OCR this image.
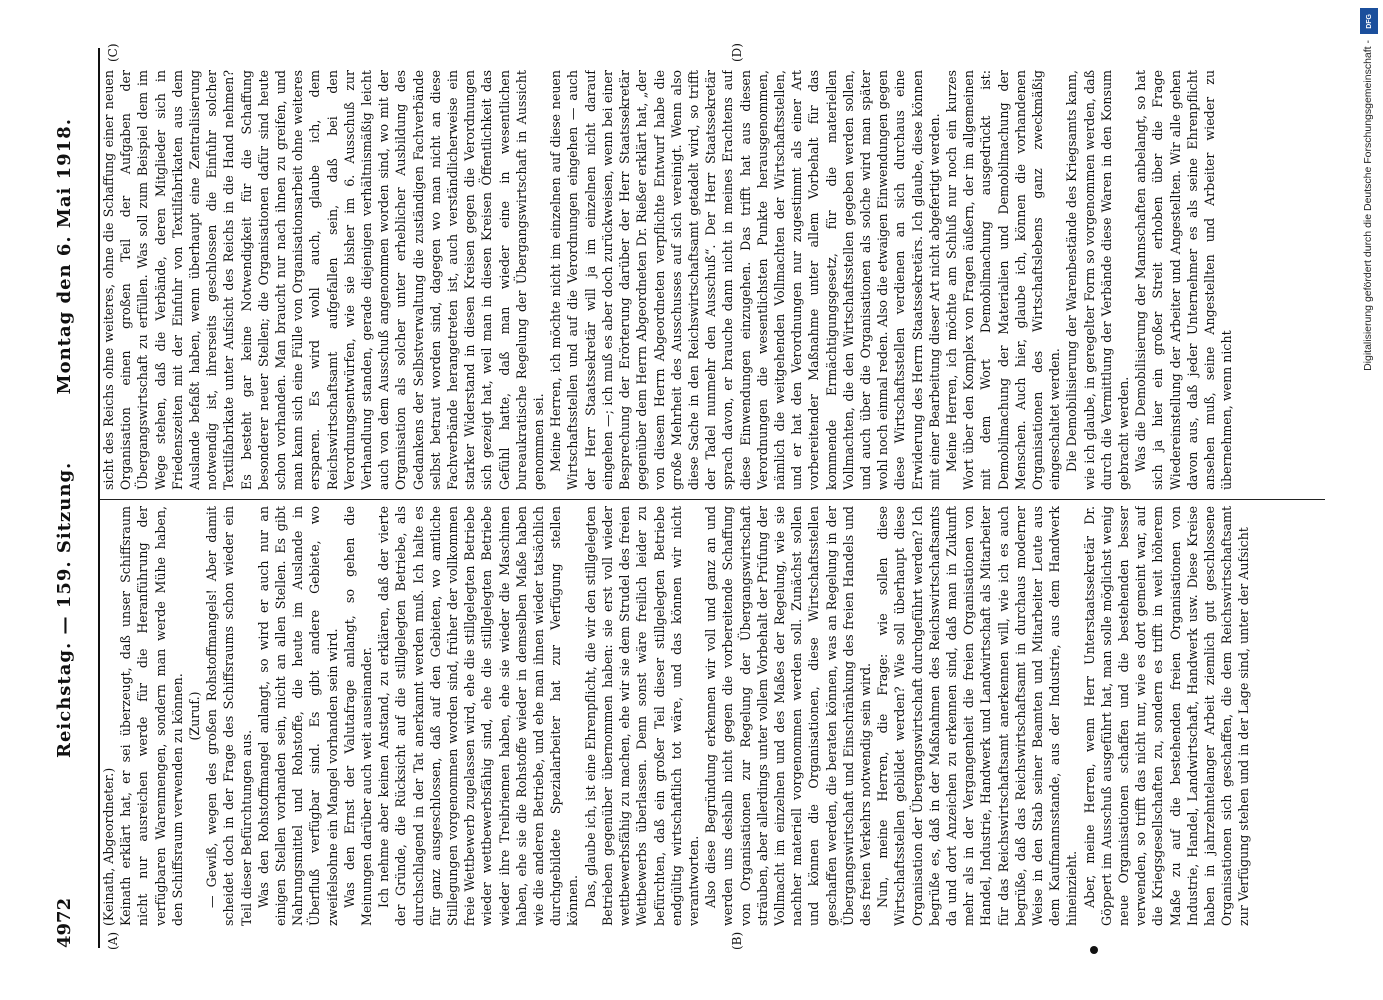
4972
Reichstag. — 159. Sitzung.
Montag den 6. Mai 1918.
(A)	(B)
(C)	(D)

(Keinath, Abgeordneter.) Keinath erklärt hat, er sei überzeugt, daß unser Schiffsraum nicht nur ausreichen werde für die Heranführung der verfügbaren Warenmengen, sondern man werde Mühe haben, den Schiffsraum verwenden zu können. (Zuruf.) — Gewiß, wegen des großen Rohstoffmangels! Aber damit scheidet doch in der Frage des Schiffsraums schon wieder ein Teil dieser Befürchtungen aus. Was den Rohstoffmangel anlangt, so wird er auch nur an einigen Stellen vorhanden sein, nicht an allen Stellen. Es gibt Nahrungsmittel und Rohstoffe, die heute im Auslande in Überfluß verfügbar sind. Es gibt andere Gebiete, wo zweifelsohne ein Mangel vorhanden sein wird. Was den Ernst der Valutafrage anlangt, so gehen die Meinungen darüber auch weit auseinander. Ich nehme aber keinen Anstand, zu erklären, daß der vierte der Gründe, die Rücksicht auf die stillgelegten Betriebe, als durchschlagend in der Tat anerkannt werden muß. Ich halte es für ganz ausgeschlossen, daß auf den Gebieten, wo amtliche Stillegungen vorgenommen worden sind, früher der vollkommen freie Wettbewerb zugelassen wird, ehe die stillgelegten Betriebe wieder wettbewerbsfähig sind, ehe die stillgelegten Betriebe wieder ihre Treibriemen haben, ehe sie wieder die Maschinen haben, ehe sie die Rohstoffe wieder in demselben Maße haben wie die anderen Betriebe, und ehe man ihnen wieder tatsächlich durchgebildete Spezialarbeiter hat zur Verfügung stellen können. Das, glaube ich, ist eine Ehrenpflicht, die wir den stillgelegten Betrieben gegenüber übernommen haben: sie erst voll wieder wettbewerbsfähig zu machen, ehe wir sie dem Strudel des freien Wettbewerbs überlassen. Denn sonst wäre freilich leider zu befürchten, daß ein großer Teil dieser stillgelegten Betriebe endgültig wirtschaftlich tot wäre, und das können wir nicht verantworten. Also diese Begründung erkennen wir voll und ganz an und werden uns deshalb nicht gegen die vorbereitende Schaffung von Organisationen zur Regelung der Übergangswirtschaft sträuben, aber allerdings unter vollem Vorbehalt der Prüfung der Vollmacht im einzelnen und des Maßes der Regelung, wie sie nachher materiell vorgenommen werden soll. Zunächst sollen und können die Organisationen, diese Wirtschaftsstellen geschaffen werden, die beraten können, was an Regelung in der Übergangswirtschaft und Einschränkung des freien Handels und des freien Verkehrs notwendig sein wird. Nun, meine Herren, die Frage: wie sollen diese Wirtschaftsstellen gebildet werden? Wie soll überhaupt diese Organisation der Übergangswirtschaft durchgeführt werden? Ich begrüße es, daß in der Maßnahmen des Reichswirtschaftsamts da und dort Anzeichen zu erkennen sind, daß man in Zukunft mehr als in der Vergangenheit die freien Organisationen von Handel, Industrie, Handwerk und Landwirtschaft als Mitarbeiter für das Reichswirtschaftsamt anerkennen will, wie ich es auch begrüße, daß das Reichswirtschaftsamt in durchaus moderner Weise in den Stab seiner Beamten und Mitarbeiter Leute aus dem Kaufmannsstande, aus der Industrie, aus dem Handwerk hineinzieht. Aber, meine Herren, wenn Herr Unterstaatssekretär Dr. Göppert im Ausschuß ausgeführt hat, man solle möglichst wenig neue Organisationen schaffen und die bestehenden besser verwenden, so trifft das nicht nur, wie es dort gemeint war, auf die Kriegsgesellschaften zu, sondern es trifft in weit höherem Maße zu auf die bestehenden freien Organisationen von Industrie, Handel, Landwirtschaft, Handwerk usw. Diese Kreise haben in jahrzehntelanger Arbeit ziemlich gut geschlossene Organisationen sich geschaffen, die dem Reichswirtschaftsamt zur Verfügung stehen und in der Lage sind, unter der Aufsicht

sicht des Reichs ohne weiteres, ohne die Schaffung einer neuen Organisation einen großen Teil der Aufgaben der Übergangswirtschaft zu erfüllen. Was soll zum Beispiel dem im Wege stehen, daß die Verbände, deren Mitglieder sich in Friedenszeiten mit der Einfuhr von Textilfabrikaten aus dem Auslande befaßt haben, wenn überhaupt eine Zentralisierung notwendig ist, ihrerseits geschlossen die Einfuhr solcher Textilfabrikate unter Aufsicht des Reichs in die Hand nehmen? Es besteht gar keine Notwendigkeit für die Schaffung besonderer neuer Stellen; die Organisationen dafür sind heute schon vorhanden. Man braucht nur nach ihnen zu greifen, und man kann sich eine Fülle von Organisationsarbeit ohne weiteres ersparen. Es wird wohl auch, glaube ich, dem Reichswirtschaftsamt aufgefallen sein, daß bei den Verordnungsentwürfen, wie sie bisher im 6. Ausschuß zur Verhandlung standen, gerade diejenigen verhältnismäßig leicht auch von dem Ausschuß angenommen worden sind, wo mit der Organisation als solcher unter erheblicher Ausbildung des Gedankens der Selbstverwaltung die zuständigen Fachverbände selbst betraut worden sind, dagegen wo man nicht an diese Fachverbände herangetreten ist, auch verständlicherweise ein starker Widerstand in diesen Kreisen gegen die Verordnungen sich gezeigt hat, weil man in diesen Kreisen Öffentlichkeit das Gefühl hatte, daß man wieder eine in wesentlichen bureaukratische Regelung der Übergangswirtschaft in Aussicht genommen sei. Meine Herren, ich möchte nicht im einzelnen auf diese neuen Wirtschaftsstellen und auf die Verordnungen eingehen — auch der Herr Staatssekretär will ja im einzelnen nicht darauf eingehen —; ich muß es aber doch zurückweisen, wenn bei einer Besprechung der Erörterung darüber der Herr Staatssekretär gegenüber dem Herrn Abgeordneten Dr. Rießer erklärt hat, „der von diesem Herrn Abgeordneten verpflichte Entwurf habe die große Mehrheit des Ausschusses auf sich vereinigt. Wenn also diese Sache in den Reichswirtschaftsamt getadelt wird, so trifft der Tadel nunmehr den Ausschuß“. Der Herr Staatssekretär sprach davon, er brauche dann nicht in meines Erachtens auf diese Einwendungen einzugehen. Das trifft hat aus diesen Verordnungen die wesentlichsten Punkte herausgenommen, nämlich die weitgehenden Vollmachten der Wirtschaftsstellen, und er hat den Verordnungen nur zugestimmt als einer Art vorbereitender Maßnahme unter allem Vorbehalt für das kommende Ermächtigungsgesetz, für die materiellen Vollmachten, die den Wirtschaftsstellen gegeben werden sollen, und auch über die Organisationen als solche wird man später wohl noch einmal reden. Also die etwaigen Einwendungen gegen diese Wirtschaftsstellen verdienen an sich durchaus eine Erwiderung des Herrn Staatssekretärs. Ich glaube, diese können mit einer Bearbeitung dieser Art nicht abgefertigt werden. Meine Herren, ich möchte am Schluß nur noch ein kurzes Wort über den Komplex von Fragen äußern, der im allgemeinen mit dem Wort Demobilmachung ausgedrückt ist: Demobilmachung der Materialien und Demobilmachung der Menschen. Auch hier, glaube ich, können die vorhandenen Organisationen des Wirtschaftslebens ganz zweckmäßig eingeschaltet werden. Die Demobilisierung der Warenbestände des Kriegsamts kann, wie ich glaube, in geregelter Form so vorgenommen werden, daß durch die Vermittlung der Verbände diese Waren in den Konsum gebracht werden. Was die Demobilisierung der Mannschaften anbelangt, so hat sich ja hier ein großer Streit erhoben über die Frage Wiedereinstellung der Arbeiter und Angestellten. Wir alle gehen davon aus, daß jeder Unternehmer es als seine Ehrenpflicht ansehen muß, seine Angestellten und Arbeiter wieder zu übernehmen, wenn nicht

DFG
Digitalisierung gefördert durch die Deutsche Forschungsgemeinschaft -
